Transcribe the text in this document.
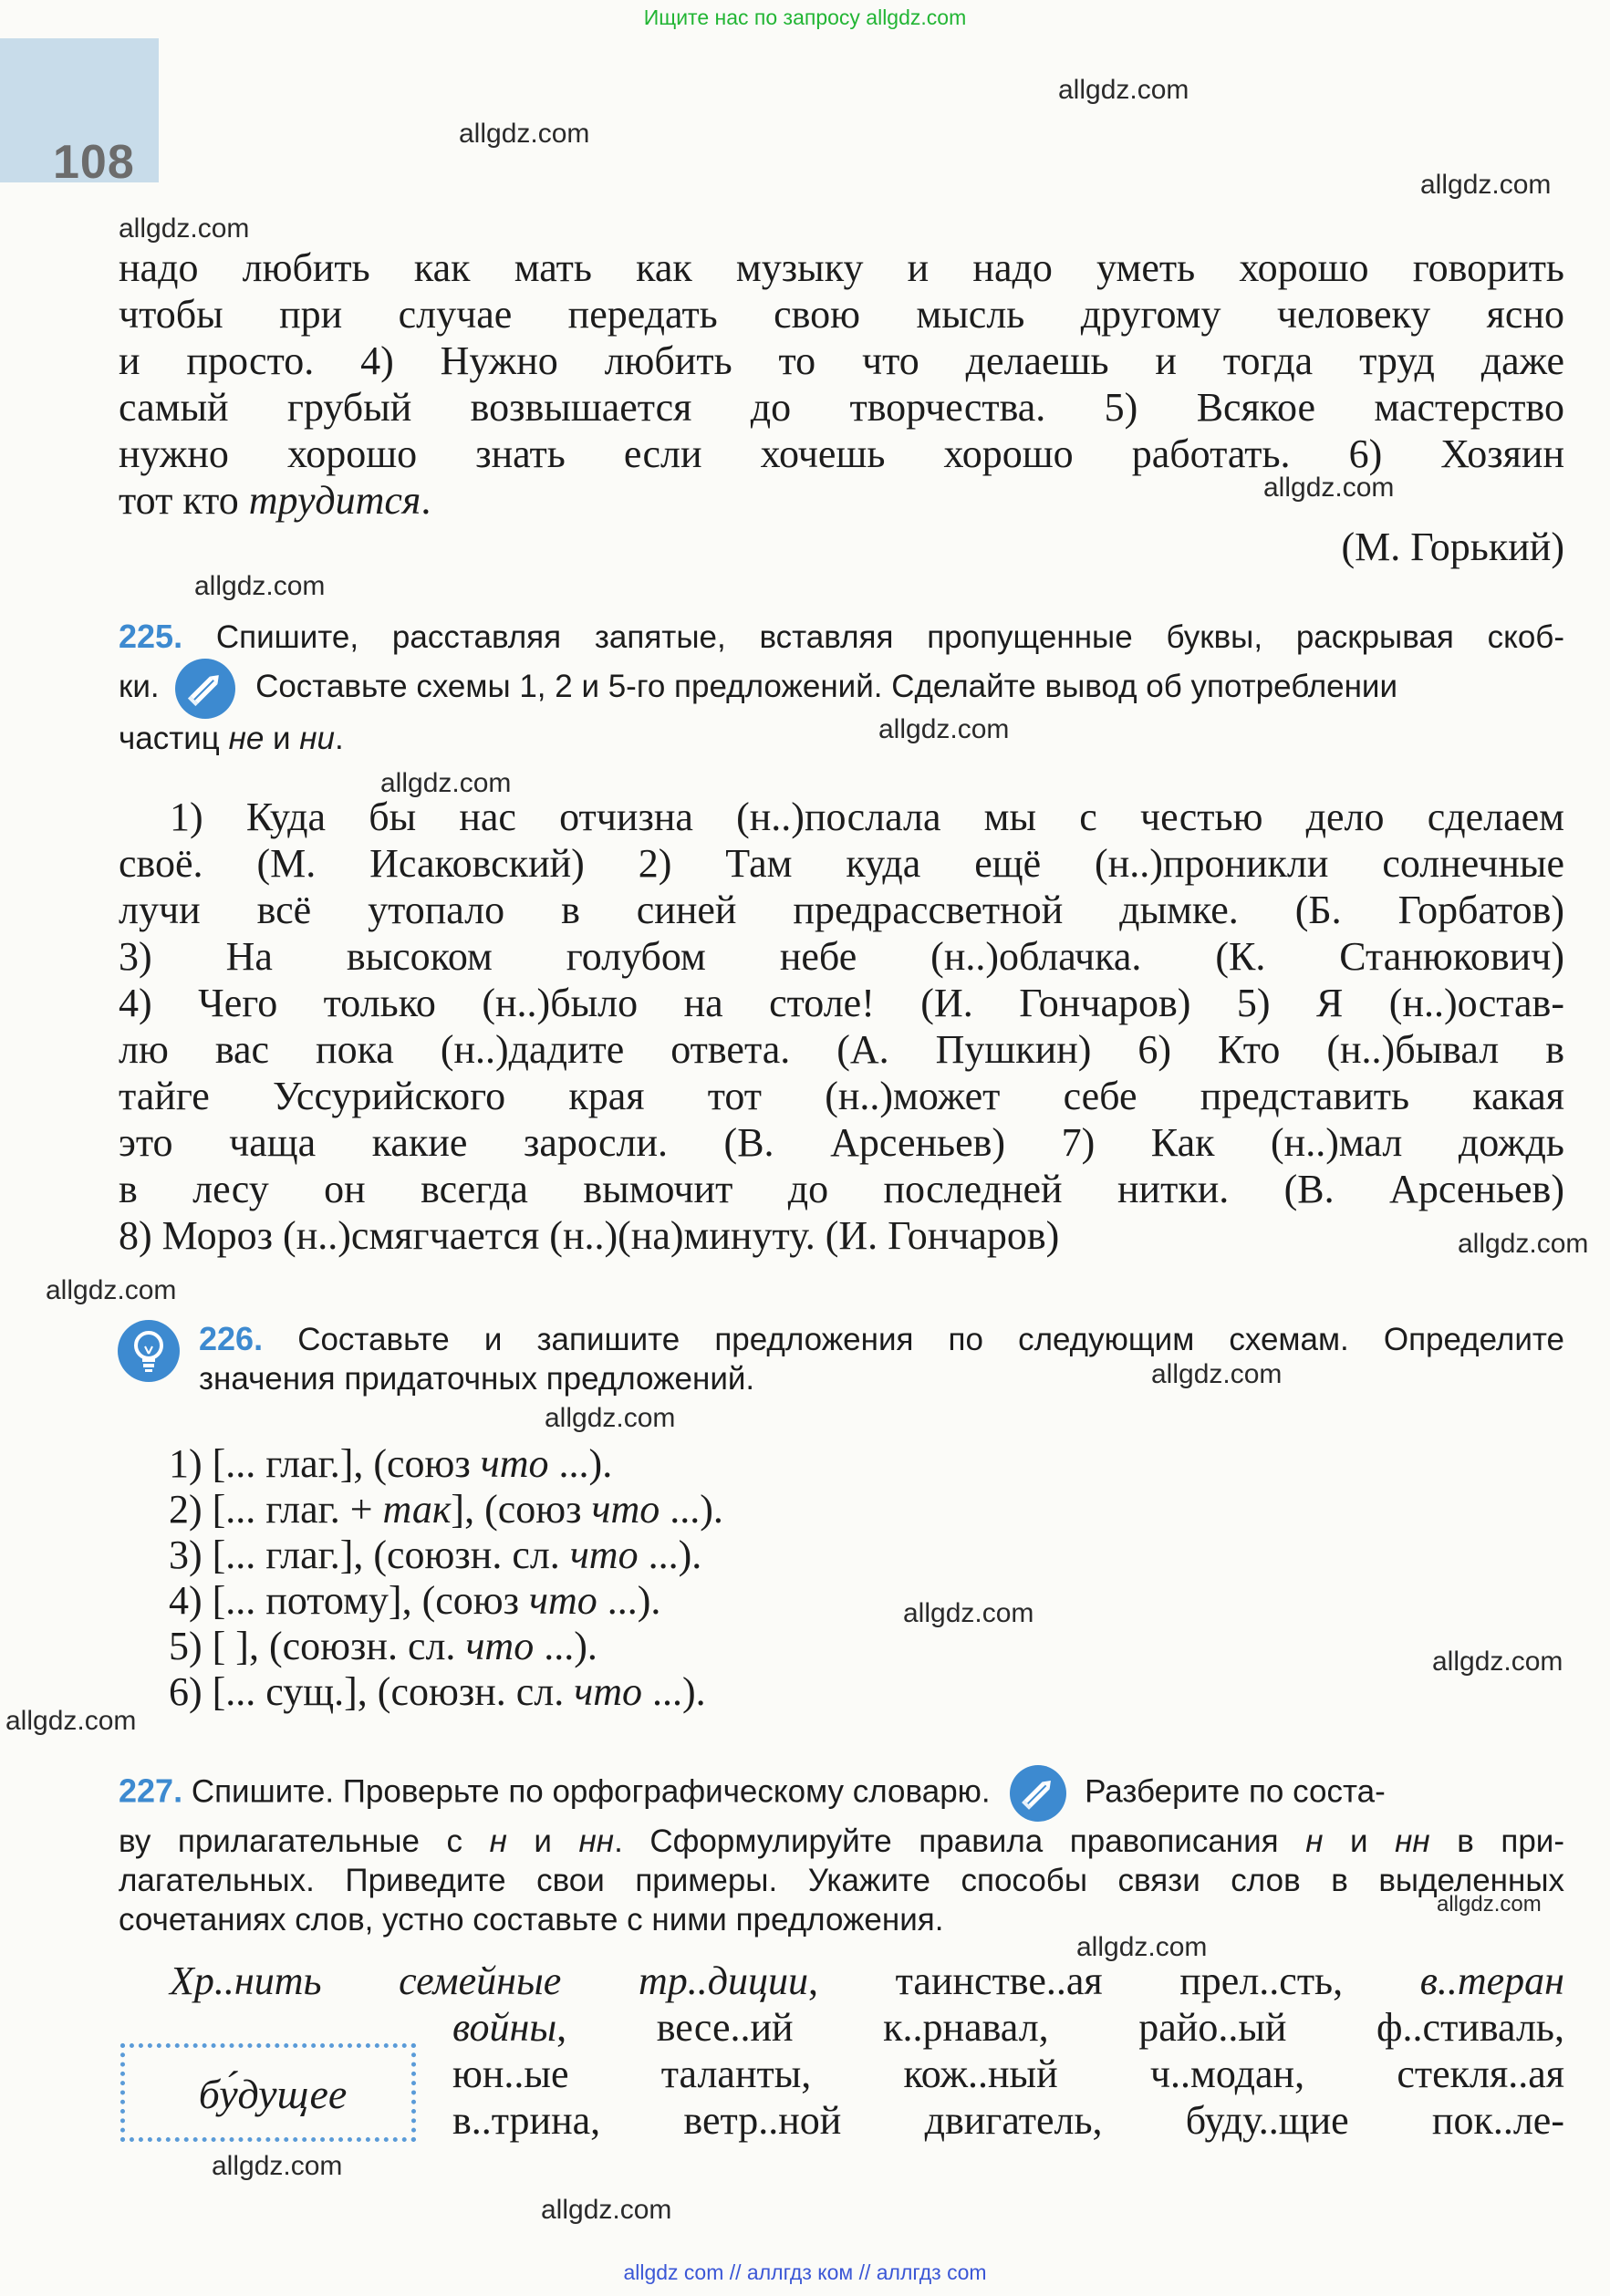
Ищите нас по запросу allgdz.com
108
allgdz.com
allgdz.com
allgdz.com
allgdz.com
allgdz.com
allgdz.com
allgdz.com
allgdz.com
allgdz.com
allgdz.com
allgdz.com
allgdz.com
allgdz.com
allgdz.com
allgdz.com
allgdz.com
allgdz.com
allgdz.com
allgdz.com
надо любить как мать как музыку и надо уметь хорошо говорить
чтобы при случае передать свою мысль другому человеку ясно
и просто. 4) Нужно любить то что делаешь и тогда труд даже
самый грубый возвышается до творчества. 5) Всякое мастерство
нужно хорошо знать если хочешь хорошо работать. 6) Хозяин
тот кто трудится.
(М. Горький)
225. Спишите, расставляя запятые, вставляя пропущенные буквы, раскрывая скоб-
ки.	Составьте схемы 1, 2 и 5-го предложений. Сделайте вывод об употреблении
частиц не и ни.
1) Куда бы нас отчизна (н..)послала мы с честью дело сделаем
своё. (М. Исаковский) 2) Там куда ещё (н..)проникли солнечные
лучи всё утопало в синей предрассветной дымке. (Б. Горбатов)
3) На высоком голубом небе (н..)облачка. (К. Станюкович)
4) Чего только (н..)было на столе! (И. Гончаров) 5) Я (н..)остав-
лю вас пока (н..)дадите ответа. (А. Пушкин) 6) Кто (н..)бывал в
тайге Уссурийского края тот (н..)может себе представить какая
это чаща какие заросли. (В. Арсеньев) 7) Как (н..)мал дождь
в лесу он всегда вымочит до последней нитки. (В. Арсеньев)
8) Мороз (н..)смягчается (н..)(на)минуту. (И. Гончаров)
226. Составьте и запишите предложения по следующим схемам. Определите
значения придаточных предложений.
1) [... глаг.], (союз что ...).
2) [... глаг. + так], (союз что ...).
3) [... глаг.], (союзн. сл. что ...).
4) [... потому], (союз что ...).
5) [ ], (союзн. сл. что ...).
6) [... сущ.], (союзн. сл. что ...).
227. Спишите. Проверьте по орфографическому словарю.	Разберите по соста-
ву прилагательные с н и нн. Сформулируйте правила правописания н и нн в при-
лагательных. Приведите свои примеры. Укажите способы связи слов в выделенных
сочетаниях слов, устно составьте с ними предложения.
Хр..нить семейные тр..диции, таинстве..ая прел..сть, в..теран
войны, весе..ий к..рнавал, райо..ый ф..стиваль,
юн..ые таланты, кож..ный ч..модан, стекля..ая
в..трина, ветр..ной двигатель, буду..щие пок..ле-
бу́дущее
allgdz com // аллгдз ком // аллгдз com
